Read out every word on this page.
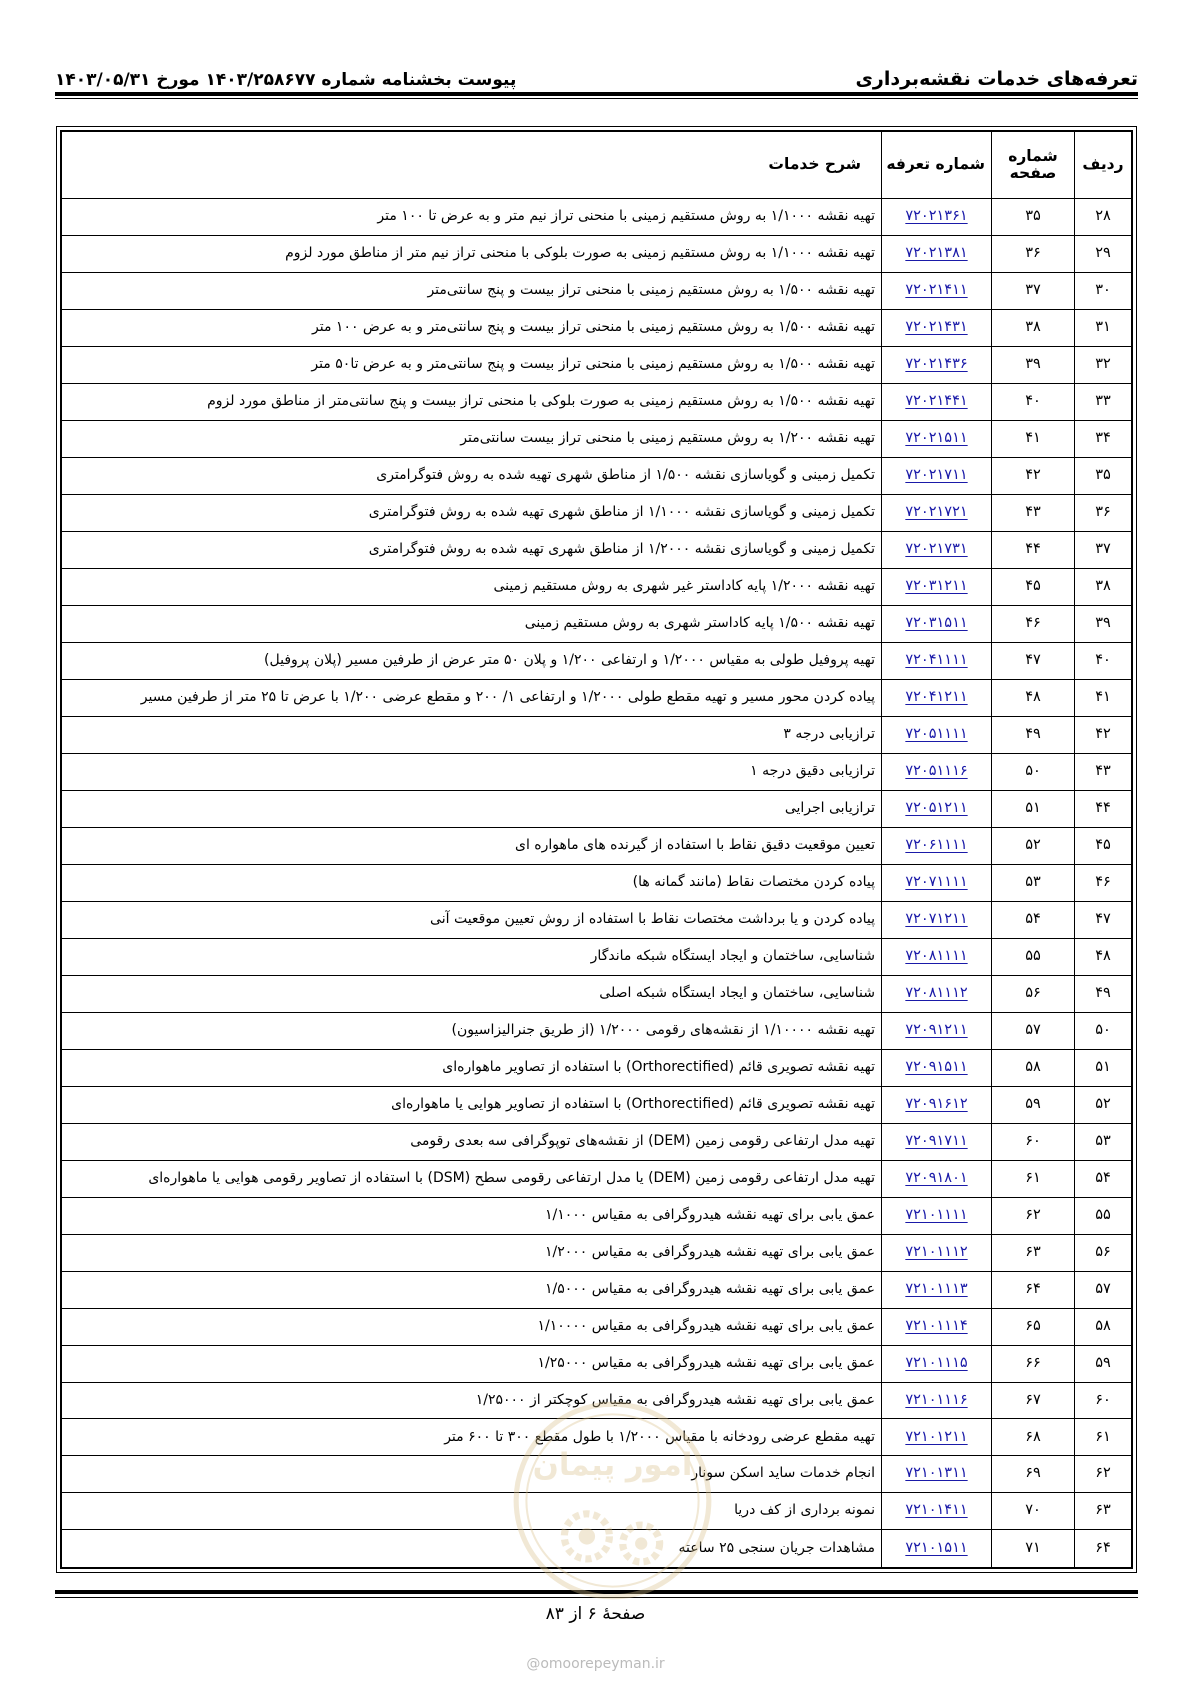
تعرفه‌های خدمات نقشه‌برداری
پیوست بخشنامه شماره ۱۴۰۳/۲۵۸۶۷۷ مورخ ۱۴۰۳/۰۵/۳۱
ردیف	شماره صفحه	شماره تعرفه	شرح خدمات
۲۸	۳۵	۷۲۰۲۱۳۶۱	تهیه نقشه ۱/۱۰۰۰ به روش مستقیم زمینی با منحنی تراز نیم متر و به عرض تا ۱۰۰ متر
۲۹	۳۶	۷۲۰۲۱۳۸۱	تهیه نقشه ۱/۱۰۰۰ به روش مستقیم زمینی به صورت بلوکی با منحنی تراز نیم متر از مناطق مورد لزوم
۳۰	۳۷	۷۲۰۲۱۴۱۱	تهیه نقشه ۱/۵۰۰ به روش مستقیم زمینی با منحنی تراز بیست و پنج سانتی‌متر
۳۱	۳۸	۷۲۰۲۱۴۳۱	تهیه نقشه ۱/۵۰۰ به روش مستقیم زمینی با منحنی تراز بیست و پنج سانتی‌متر و به عرض ۱۰۰ متر
۳۲	۳۹	۷۲۰۲۱۴۳۶	تهیه نقشه ۱/۵۰۰ به روش مستقیم زمینی با منحنی تراز بیست و پنج سانتی‌متر و به عرض تا۵۰ متر
۳۳	۴۰	۷۲۰۲۱۴۴۱	تهیه نقشه ۱/۵۰۰ به روش مستقیم زمینی به صورت بلوکی با منحنی تراز بیست و پنج سانتی‌متر از مناطق مورد لزوم
۳۴	۴۱	۷۲۰۲۱۵۱۱	تهیه نقشه ۱/۲۰۰ به روش مستقیم زمینی با منحنی تراز بیست سانتی‌متر
۳۵	۴۲	۷۲۰۲۱۷۱۱	تکمیل زمینی و گویاسازی نقشه ۱/۵۰۰ از مناطق شهری تهیه شده به روش فتوگرامتری
۳۶	۴۳	۷۲۰۲۱۷۲۱	تکمیل زمینی و گویاسازی نقشه ۱/۱۰۰۰ از مناطق شهری تهیه شده به روش فتوگرامتری
۳۷	۴۴	۷۲۰۲۱۷۳۱	تکمیل زمینی و گویاسازی نقشه ۱/۲۰۰۰ از مناطق شهری تهیه شده به روش فتوگرامتری
۳۸	۴۵	۷۲۰۳۱۲۱۱	تهیه نقشه ۱/۲۰۰۰ پایه کاداستر غیر شهری به روش مستقیم زمینی
۳۹	۴۶	۷۲۰۳۱۵۱۱	تهیه نقشه ۱/۵۰۰ پایه کاداستر شهری به روش مستقیم زمینی
۴۰	۴۷	۷۲۰۴۱۱۱۱	تهیه پروفیل طولی به مقیاس ۱/۲۰۰۰ و ارتفاعی ۱/۲۰۰ و پلان ۵۰ متر عرض از طرفین مسیر (پلان پروفیل)
۴۱	۴۸	۷۲۰۴۱۲۱۱	پیاده کردن محور مسیر و تهیه مقطع طولی ۱/۲۰۰۰ و ارتفاعی ۱/ ۲۰۰ و مقطع عرضی ۱/۲۰۰ با عرض تا ۲۵ متر از طرفین مسیر
۴۲	۴۹	۷۲۰۵۱۱۱۱	ترازیابی درجه ۳
۴۳	۵۰	۷۲۰۵۱۱۱۶	ترازیابی دقیق درجه ۱
۴۴	۵۱	۷۲۰۵۱۲۱۱	ترازیابی اجرایی
۴۵	۵۲	۷۲۰۶۱۱۱۱	تعیین موقعیت دقیق نقاط با استفاده از گیرنده های ماهواره ای
۴۶	۵۳	۷۲۰۷۱۱۱۱	پیاده کردن مختصات نقاط (مانند گمانه ها)
۴۷	۵۴	۷۲۰۷۱۲۱۱	پیاده کردن و یا برداشت مختصات نقاط با استفاده از روش تعیین موقعیت آنی
۴۸	۵۵	۷۲۰۸۱۱۱۱	شناسایی، ساختمان و ایجاد ایستگاه شبکه ماندگار
۴۹	۵۶	۷۲۰۸۱۱۱۲	شناسایی، ساختمان و ایجاد ایستگاه شبکه اصلی
۵۰	۵۷	۷۲۰۹۱۲۱۱	تهیه نقشه ۱/۱۰۰۰۰ از نقشه‌های رقومی ۱/۲۰۰۰ (از طریق جنرالیزاسیون)
۵۱	۵۸	۷۲۰۹۱۵۱۱	تهیه نقشه تصویری قائم (Orthorectified) با استفاده از تصاویر ماهواره‌ای
۵۲	۵۹	۷۲۰۹۱۶۱۲	تهیه نقشه تصویری قائم (Orthorectified) با استفاده از تصاویر هوایی یا ماهواره‌ای
۵۳	۶۰	۷۲۰۹۱۷۱۱	تهیه مدل ارتفاعی رقومی زمین (DEM) از نقشه‌های توپوگرافی سه بعدی رقومی
۵۴	۶۱	۷۲۰۹۱۸۰۱	تهیه مدل ارتفاعی رقومی زمین (DEM) یا مدل ارتفاعی رقومی سطح (DSM) با استفاده از تصاویر رقومی هوایی یا ماهواره‌ای
۵۵	۶۲	۷۲۱۰۱۱۱۱	عمق یابی برای تهیه نقشه هیدروگرافی به مقیاس ۱/۱۰۰۰
۵۶	۶۳	۷۲۱۰۱۱۱۲	عمق یابی برای تهیه نقشه هیدروگرافی به مقیاس ۱/۲۰۰۰
۵۷	۶۴	۷۲۱۰۱۱۱۳	عمق یابی برای تهیه نقشه هیدروگرافی به مقیاس ۱/۵۰۰۰
۵۸	۶۵	۷۲۱۰۱۱۱۴	عمق یابی برای تهیه نقشه هیدروگرافی به مقیاس ۱/۱۰۰۰۰
۵۹	۶۶	۷۲۱۰۱۱۱۵	عمق یابی برای تهیه نقشه هیدروگرافی به مقیاس ۱/۲۵۰۰۰
۶۰	۶۷	۷۲۱۰۱۱۱۶	عمق یابی برای تهیه نقشه هیدروگرافی به مقیاس کوچکتر از ۱/۲۵۰۰۰
۶۱	۶۸	۷۲۱۰۱۲۱۱	تهیه مقطع عرضی رودخانه با مقیاس ۱/۲۰۰۰ با طول مقطع ۳۰۰ تا ۶۰۰ متر
۶۲	۶۹	۷۲۱۰۱۳۱۱	انجام خدمات ساید اسکن سونار
۶۳	۷۰	۷۲۱۰۱۴۱۱	نمونه برداری از کف دریا
۶۴	۷۱	۷۲۱۰۱۵۱۱	مشاهدات جریان سنجی ۲۵ ساعته
صفحهٔ ۶ از ۸۳
@omoorepeyman.ir
امور پیمان
